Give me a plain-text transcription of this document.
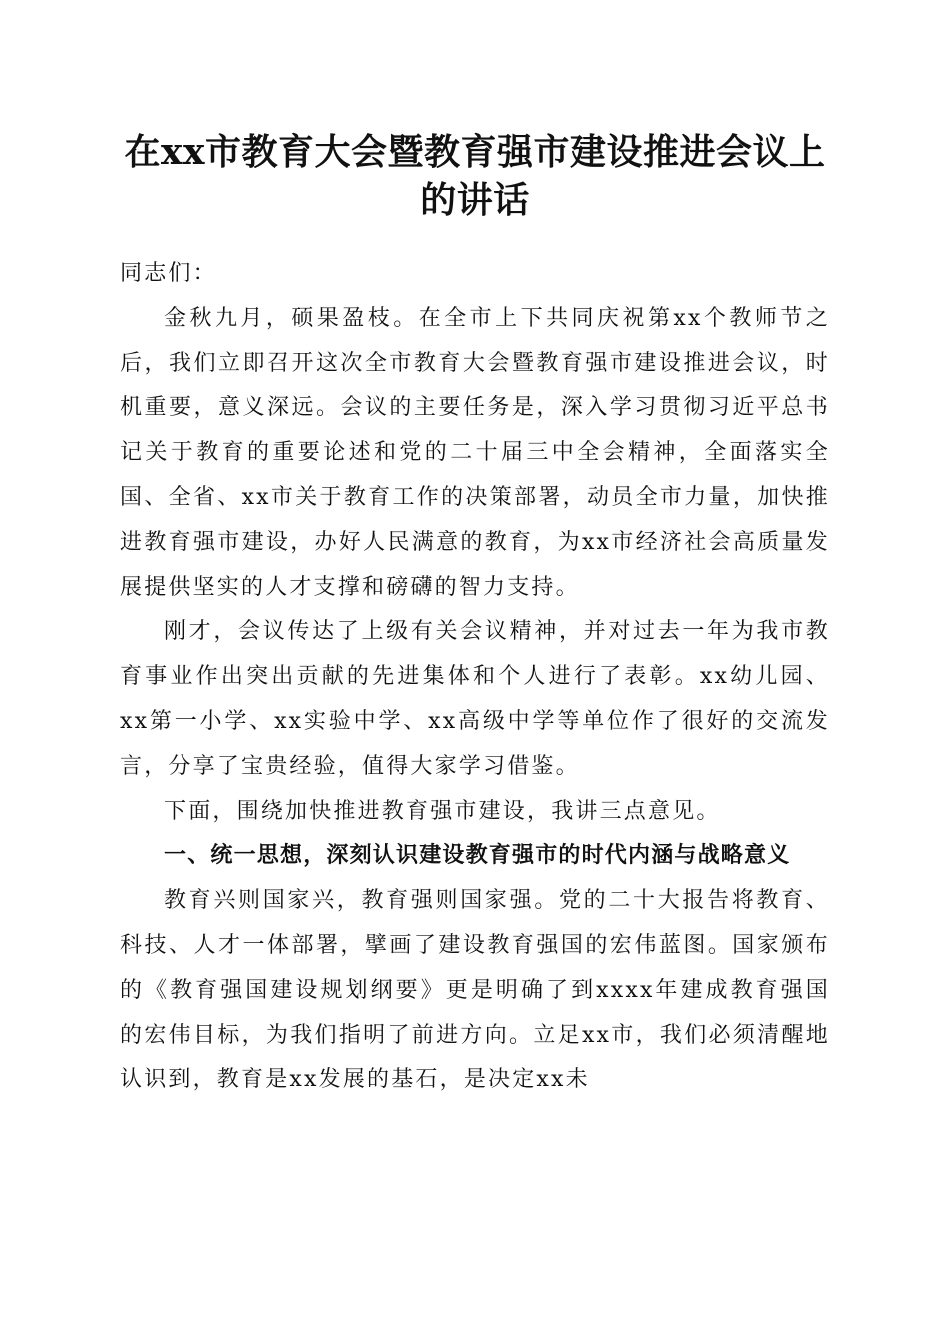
在xx市教育大会暨教育强市建设推进会议上的讲话

同志们：

金秋九月，硕果盈枝。在全市上下共同庆祝第xx个教师节之后，我们立即召开这次全市教育大会暨教育强市建设推进会议，时机重要，意义深远。会议的主要任务是，深入学习贯彻习近平总书记关于教育的重要论述和党的二十届三中全会精神，全面落实全国、全省、xx市关于教育工作的决策部署，动员全市力量，加快推进教育强市建设，办好人民满意的教育，为xx市经济社会高质量发展提供坚实的人才支撑和磅礴的智力支持。

刚才，会议传达了上级有关会议精神，并对过去一年为我市教育事业作出突出贡献的先进集体和个人进行了表彰。xx幼儿园、xx第一小学、xx实验中学、xx高级中学等单位作了很好的交流发言，分享了宝贵经验，值得大家学习借鉴。

下面，围绕加快推进教育强市建设，我讲三点意见。

一、统一思想，深刻认识建设教育强市的时代内涵与战略意义

教育兴则国家兴，教育强则国家强。党的二十大报告将教育、科技、人才一体部署，擘画了建设教育强国的宏伟蓝图。国家颁布的《教育强国建设规划纲要》更是明确了到xxxx年建成教育强国的宏伟目标，为我们指明了前进方向。立足xx市，我们必须清醒地认识到，教育是xx发展的基石，是决定xx未
